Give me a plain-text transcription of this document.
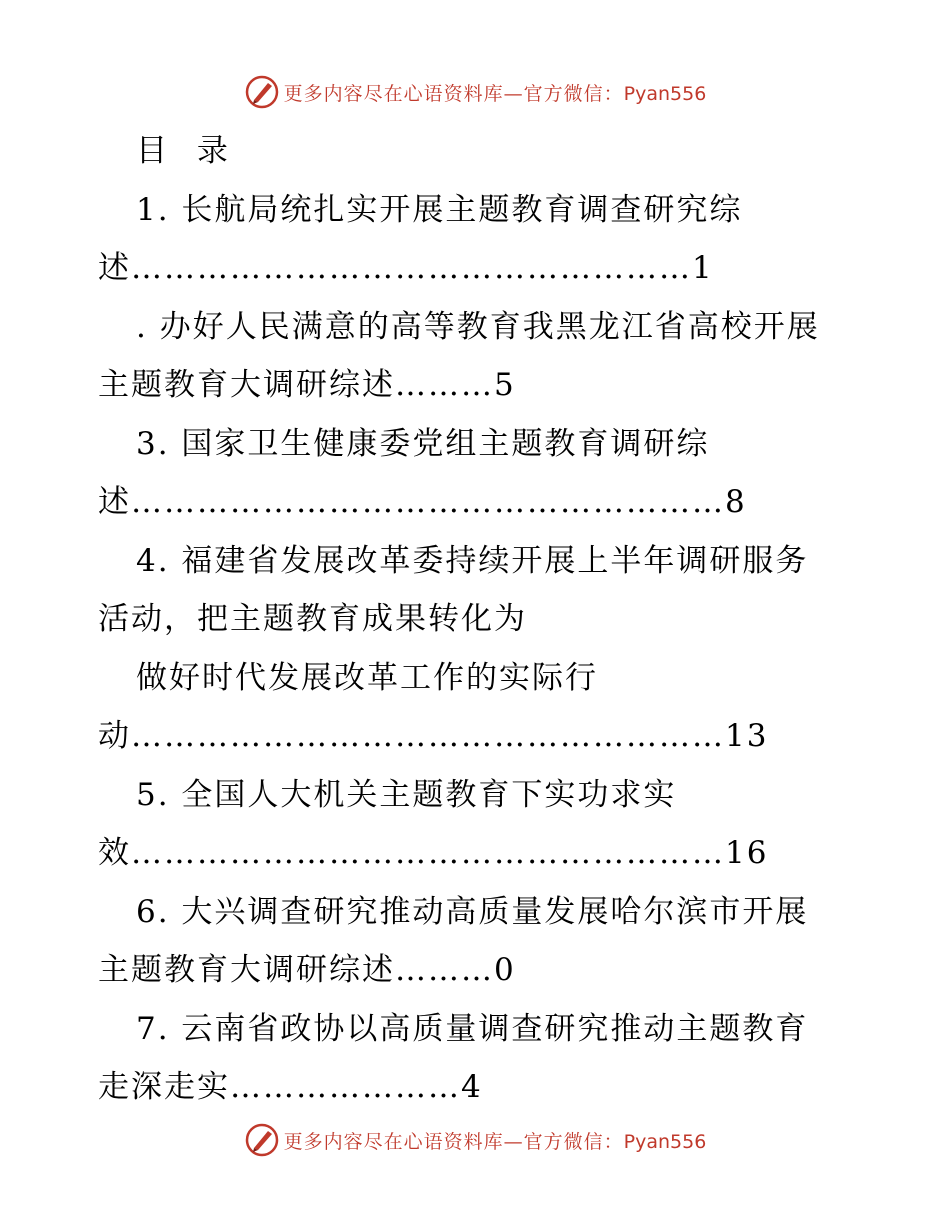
更多内容尽在心语资料库—官方微信：Pyan556
目 录
1. 长航局统扎实开展主题教育调查研究综
述……………………………………………1
. 办好人民满意的高等教育我黑龙江省高校开展
主题教育大调研综述………5
3. 国家卫生健康委党组主题教育调研综
述………………………………………………8
4. 福建省发展改革委持续开展上半年调研服务
活动，把主题教育成果转化为
做好时代发展改革工作的实际行
动………………………………………………13
5. 全国人大机关主题教育下实功求实
效………………………………………………16
6. 大兴调查研究推动高质量发展哈尔滨市开展
主题教育大调研综述………0
7. 云南省政协以高质量调查研究推动主题教育
走深走实…………………4
更多内容尽在心语资料库—官方微信：Pyan556
